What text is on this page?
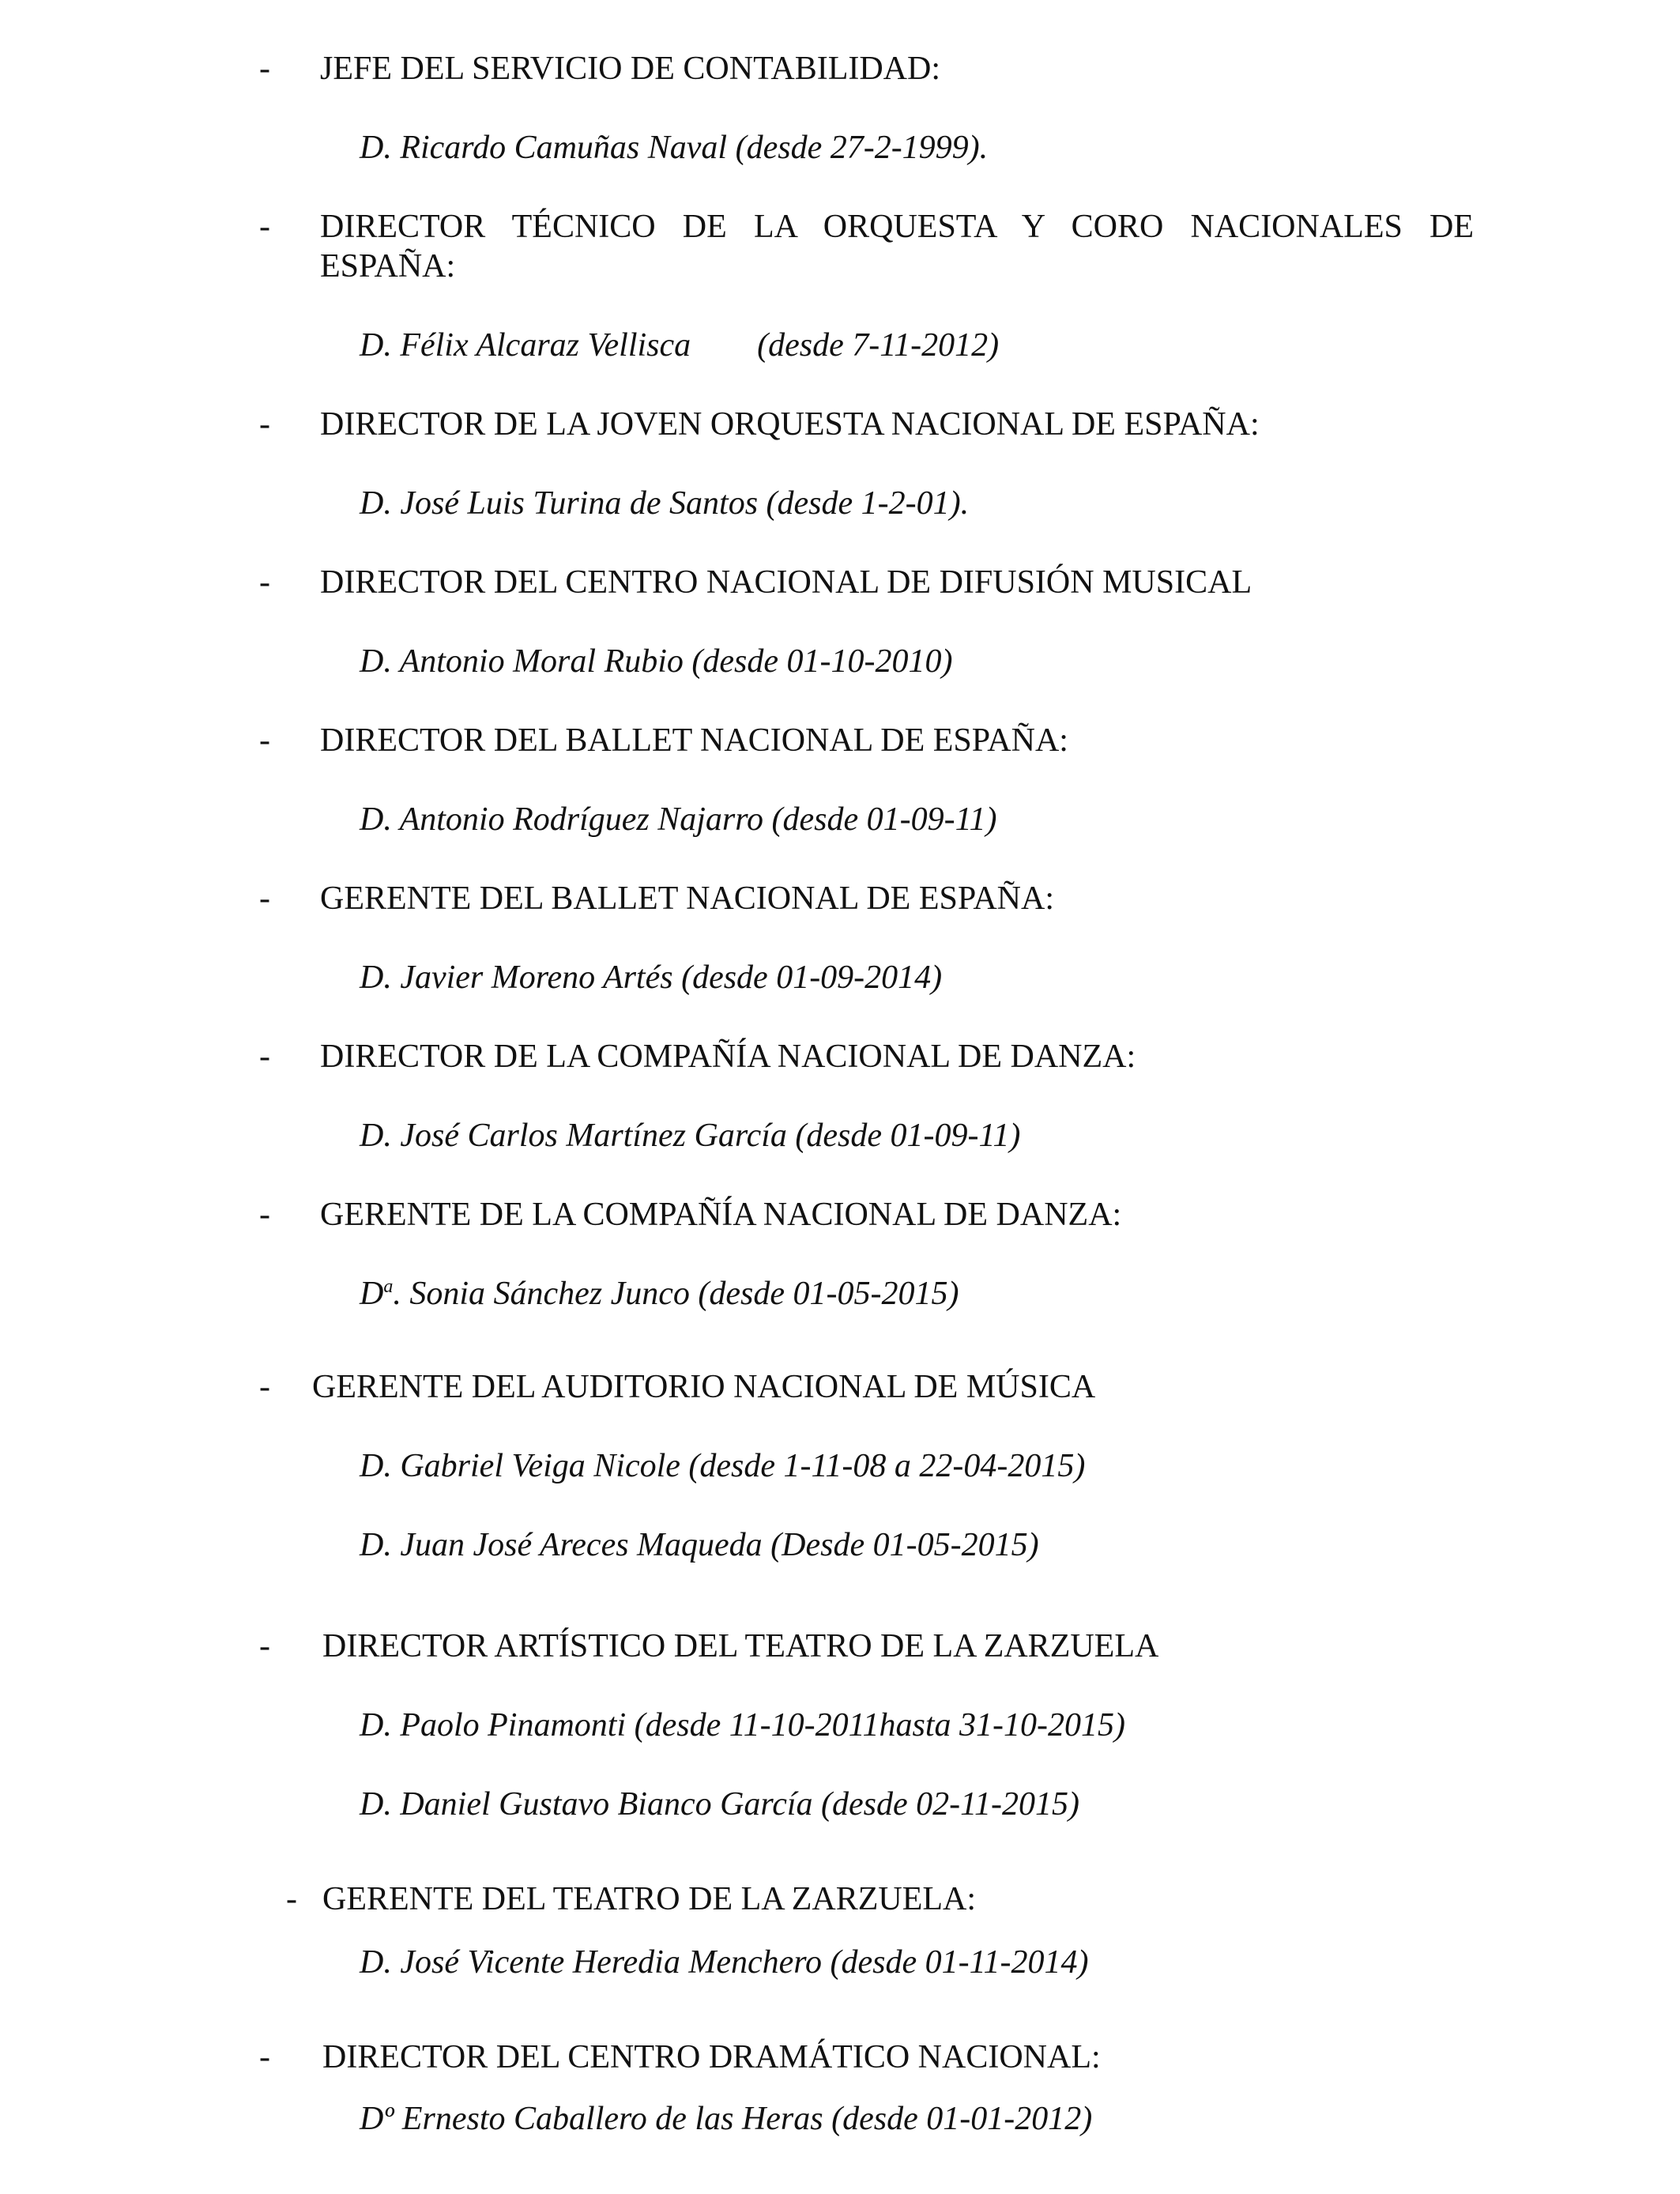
- JEFE DEL SERVICIO DE CONTABILIDAD:
D. Ricardo Camuñas Naval (desde 27-2-1999).
- DIRECTOR TÉCNICO DE LA ORQUESTA Y CORO NACIONALES DE
ESPAÑA:
D. Félix Alcaraz Vellisca        (desde 7-11-2012)
- DIRECTOR DE LA JOVEN ORQUESTA NACIONAL DE ESPAÑA:
D. José Luis Turina de Santos (desde 1-2-01).
- DIRECTOR DEL CENTRO NACIONAL DE DIFUSIÓN MUSICAL
D. Antonio Moral Rubio (desde 01-10-2010)
- DIRECTOR DEL BALLET NACIONAL DE ESPAÑA:
D. Antonio Rodríguez Najarro (desde 01-09-11)
- GERENTE DEL BALLET NACIONAL DE ESPAÑA:
D. Javier Moreno Artés (desde 01-09-2014)
- DIRECTOR DE LA COMPAÑÍA NACIONAL DE DANZA:
D. José Carlos Martínez García (desde 01-09-11)
- GERENTE DE LA COMPAÑÍA NACIONAL DE DANZA:
$D^a$. Sonia Sánchez Junco (desde 01-05-2015)
- GERENTE DEL AUDITORIO NACIONAL DE MÚSICA
D. Gabriel Veiga Nicole (desde 1-11-08 a 22-04-2015)
D. Juan José Areces Maqueda (Desde 01-05-2015)
- DIRECTOR ARTÍSTICO DEL TEATRO DE LA ZARZUELA
D. Paolo Pinamonti (desde 11-10-2011hasta 31-10-2015)
D. Daniel Gustavo Bianco García (desde 02-11-2015)
- GERENTE DEL TEATRO DE LA ZARZUELA:
D. José Vicente Heredia Menchero (desde 01-11-2014)
- DIRECTOR DEL CENTRO DRAMÁTICO NACIONAL:
Dº Ernesto Caballero de las Heras (desde 01-01-2012)
